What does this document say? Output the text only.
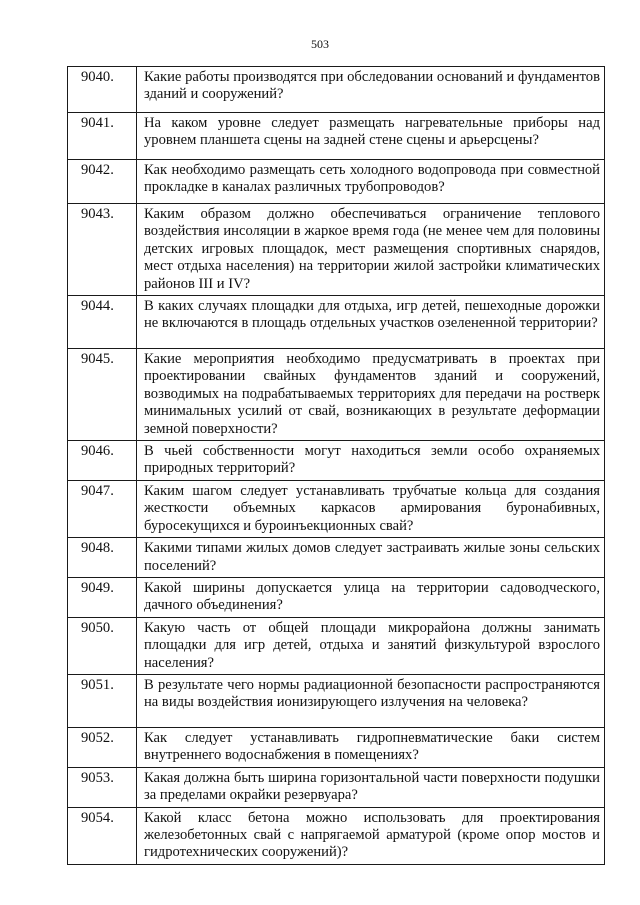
503
9040.	Какие работы производятся при обследовании оснований и фундаментов зданий и сооружений?
9041.	На каком уровне следует размещать нагревательные приборы над уровнем планшета сцены на задней стене сцены и арьерсцены?
9042.	Как необходимо размещать сеть холодного водопровода при совместной прокладке в каналах различных трубопроводов?
9043.	Каким образом должно обеспечиваться ограничение теплового воздействия инсоляции в жаркое время года (не менее чем для половины детских игровых площадок, мест размещения спортивных снарядов, мест отдыха населения) на территории жилой застройки климатических районов III и IV?
9044.	В каких случаях площадки для отдыха, игр детей, пешеходные дорожки не включаются в площадь отдельных участков озелененной территории?
9045.	Какие мероприятия необходимо предусматривать в проектах при проектировании свайных фундаментов зданий и сооружений, возводимых на подрабатываемых территориях для передачи на ростверк минимальных усилий от свай, возникающих в результате деформации земной поверхности?
9046.	В чьей собственности могут находиться земли особо охраняемых природных территорий?
9047.	Каким шагом следует устанавливать трубчатые кольца для создания жесткости объемных каркасов армирования буронабивных, буросекущихся и буроинъекционных свай?
9048.	Какими типами жилых домов следует застраивать жилые зоны сельских поселений?
9049.	Какой ширины допускается улица на территории садоводческого, дачного объединения?
9050.	Какую часть от общей площади микрорайона должны занимать площадки для игр детей, отдыха и занятий физкультурой взрослого населения?
9051.	В результате чего нормы радиационной безопасности распространяются на виды воздействия ионизирующего излучения на человека?
9052.	Как следует устанавливать гидропневматические баки систем внутреннего водоснабжения в помещениях?
9053.	Какая должна быть ширина горизонтальной части поверхности подушки за пределами окрайки резервуара?
9054.	Какой класс бетона можно использовать для проектирования железобетонных свай с напрягаемой арматурой (кроме опор мостов и гидротехнических сооружений)?
